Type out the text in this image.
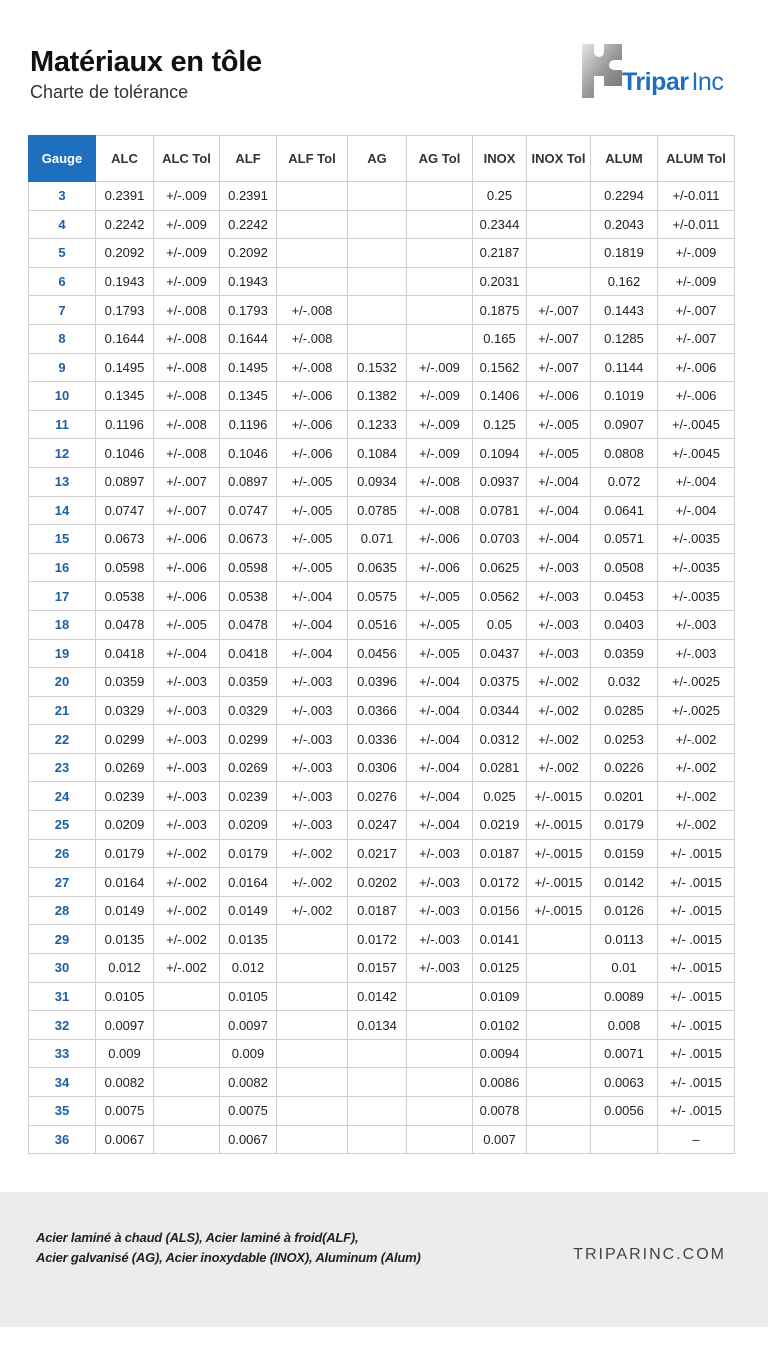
Matériaux en tôle
Charte de tolérance	Tripar Inc
Gauge	ALC	ALC Tol	ALF	ALF Tol	AG	AG Tol	INOX	INOX Tol	ALUM	ALUM Tol
3	0.2391	+/-.009	0.2391				0.25		0.2294	+/-0.011
4	0.2242	+/-.009	0.2242				0.2344		0.2043	+/-0.011
5	0.2092	+/-.009	0.2092				0.2187		0.1819	+/-.009
6	0.1943	+/-.009	0.1943				0.2031		0.162	+/-.009
7	0.1793	+/-.008	0.1793	+/-.008			0.1875	+/-.007	0.1443	+/-.007
8	0.1644	+/-.008	0.1644	+/-.008			0.165	+/-.007	0.1285	+/-.007
9	0.1495	+/-.008	0.1495	+/-.008	0.1532	+/-.009	0.1562	+/-.007	0.1144	+/-.006
10	0.1345	+/-.008	0.1345	+/-.006	0.1382	+/-.009	0.1406	+/-.006	0.1019	+/-.006
11	0.1196	+/-.008	0.1196	+/-.006	0.1233	+/-.009	0.125	+/-.005	0.0907	+/-.0045
12	0.1046	+/-.008	0.1046	+/-.006	0.1084	+/-.009	0.1094	+/-.005	0.0808	+/-.0045
13	0.0897	+/-.007	0.0897	+/-.005	0.0934	+/-.008	0.0937	+/-.004	0.072	+/-.004
14	0.0747	+/-.007	0.0747	+/-.005	0.0785	+/-.008	0.0781	+/-.004	0.0641	+/-.004
15	0.0673	+/-.006	0.0673	+/-.005	0.071	+/-.006	0.0703	+/-.004	0.0571	+/-.0035
16	0.0598	+/-.006	0.0598	+/-.005	0.0635	+/-.006	0.0625	+/-.003	0.0508	+/-.0035
17	0.0538	+/-.006	0.0538	+/-.004	0.0575	+/-.005	0.0562	+/-.003	0.0453	+/-.0035
18	0.0478	+/-.005	0.0478	+/-.004	0.0516	+/-.005	0.05	+/-.003	0.0403	+/-.003
19	0.0418	+/-.004	0.0418	+/-.004	0.0456	+/-.005	0.0437	+/-.003	0.0359	+/-.003
20	0.0359	+/-.003	0.0359	+/-.003	0.0396	+/-.004	0.0375	+/-.002	0.032	+/-.0025
21	0.0329	+/-.003	0.0329	+/-.003	0.0366	+/-.004	0.0344	+/-.002	0.0285	+/-.0025
22	0.0299	+/-.003	0.0299	+/-.003	0.0336	+/-.004	0.0312	+/-.002	0.0253	+/-.002
23	0.0269	+/-.003	0.0269	+/-.003	0.0306	+/-.004	0.0281	+/-.002	0.0226	+/-.002
24	0.0239	+/-.003	0.0239	+/-.003	0.0276	+/-.004	0.025	+/-.0015	0.0201	+/-.002
25	0.0209	+/-.003	0.0209	+/-.003	0.0247	+/-.004	0.0219	+/-.0015	0.0179	+/-.002
26	0.0179	+/-.002	0.0179	+/-.002	0.0217	+/-.003	0.0187	+/-.0015	0.0159	+/- .0015
27	0.0164	+/-.002	0.0164	+/-.002	0.0202	+/-.003	0.0172	+/-.0015	0.0142	+/- .0015
28	0.0149	+/-.002	0.0149	+/-.002	0.0187	+/-.003	0.0156	+/-.0015	0.0126	+/- .0015
29	0.0135	+/-.002	0.0135		0.0172	+/-.003	0.0141		0.0113	+/- .0015
30	0.012	+/-.002	0.012		0.0157	+/-.003	0.0125		0.01	+/- .0015
31	0.0105		0.0105		0.0142		0.0109		0.0089	+/- .0015
32	0.0097		0.0097		0.0134		0.0102		0.008	+/- .0015
33	0.009		0.009				0.0094		0.0071	+/- .0015
34	0.0082		0.0082				0.0086		0.0063	+/- .0015
35	0.0075		0.0075				0.0078		0.0056	+/- .0015
36	0.0067		0.0067				0.007			–
Acier laminé à chaud (ALS), Acier laminé à froid(ALF),
Acier galvanisé (AG), Acier inoxydable (INOX), Aluminum (Alum)	TRIPARINC.COM
